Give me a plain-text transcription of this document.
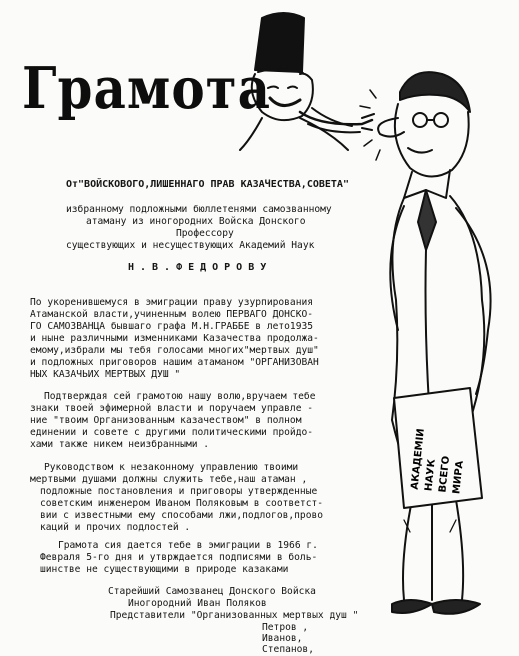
АКАДЕМІИ
НАУК ВСЕГО МИРА
Грамота
От"ВОЙСКОВОГО,ЛИШЕННАГО ПРАВ КАЗАЧЕСТВА,СОВЕТА"
избранному подложными бюллетенями самозванному
атаману из иногородних Войска Донского
Профессору
существующих и несуществующих Академий Наук
Н.В.ФЕДОРОВУ
По укоренившемуся в эмиграции праву узурпирования
Атаманской власти,учиненным волею ПЕРВАГО ДОНСКО-
ГО САМОЗВАНЦА бывшаго графа М.Н.ГРАББЕ в лето1935
и ныне различными изменниками Казачества продолжа-
емому,избрали мы тебя голосами многих"мертвых душ"
и подложных приговоров нашим атаманом "ОРГАНИЗОВАН
НЫХ КАЗАЧЬИХ МЕРТВЫХ ДУШ "
Подтверждая сей грамотою нашу волю,вручаем тебе
знаки твоей эфимерной власти и поручаем управле -
ние "твоим Организованным казачеством" в полном
единении и совете с другими политическими пройдо-
хами также никем неизбранными .
Руководством к незаконному управлению твоими
мертвыми душами должны служить тебе,наш атаман ,
подложные постановления и приговоры утвержденные
советским инженером Иваном Поляковым в соответст-
вии с известными ему способами лжи,подлогов,прово
каций и прочих подлостей .
Грамота сия дается тебе в эмиграции в 1966 г.
Февраля 5-го дня и утврждается подписями в боль-
шинстве не существующими в природе казаками
Старейший Самозванец Донского Войска
Иногородний Иван Поляков
Представители "Организованных мертвых душ "
Петров ,
Иванов,
Степанов,
